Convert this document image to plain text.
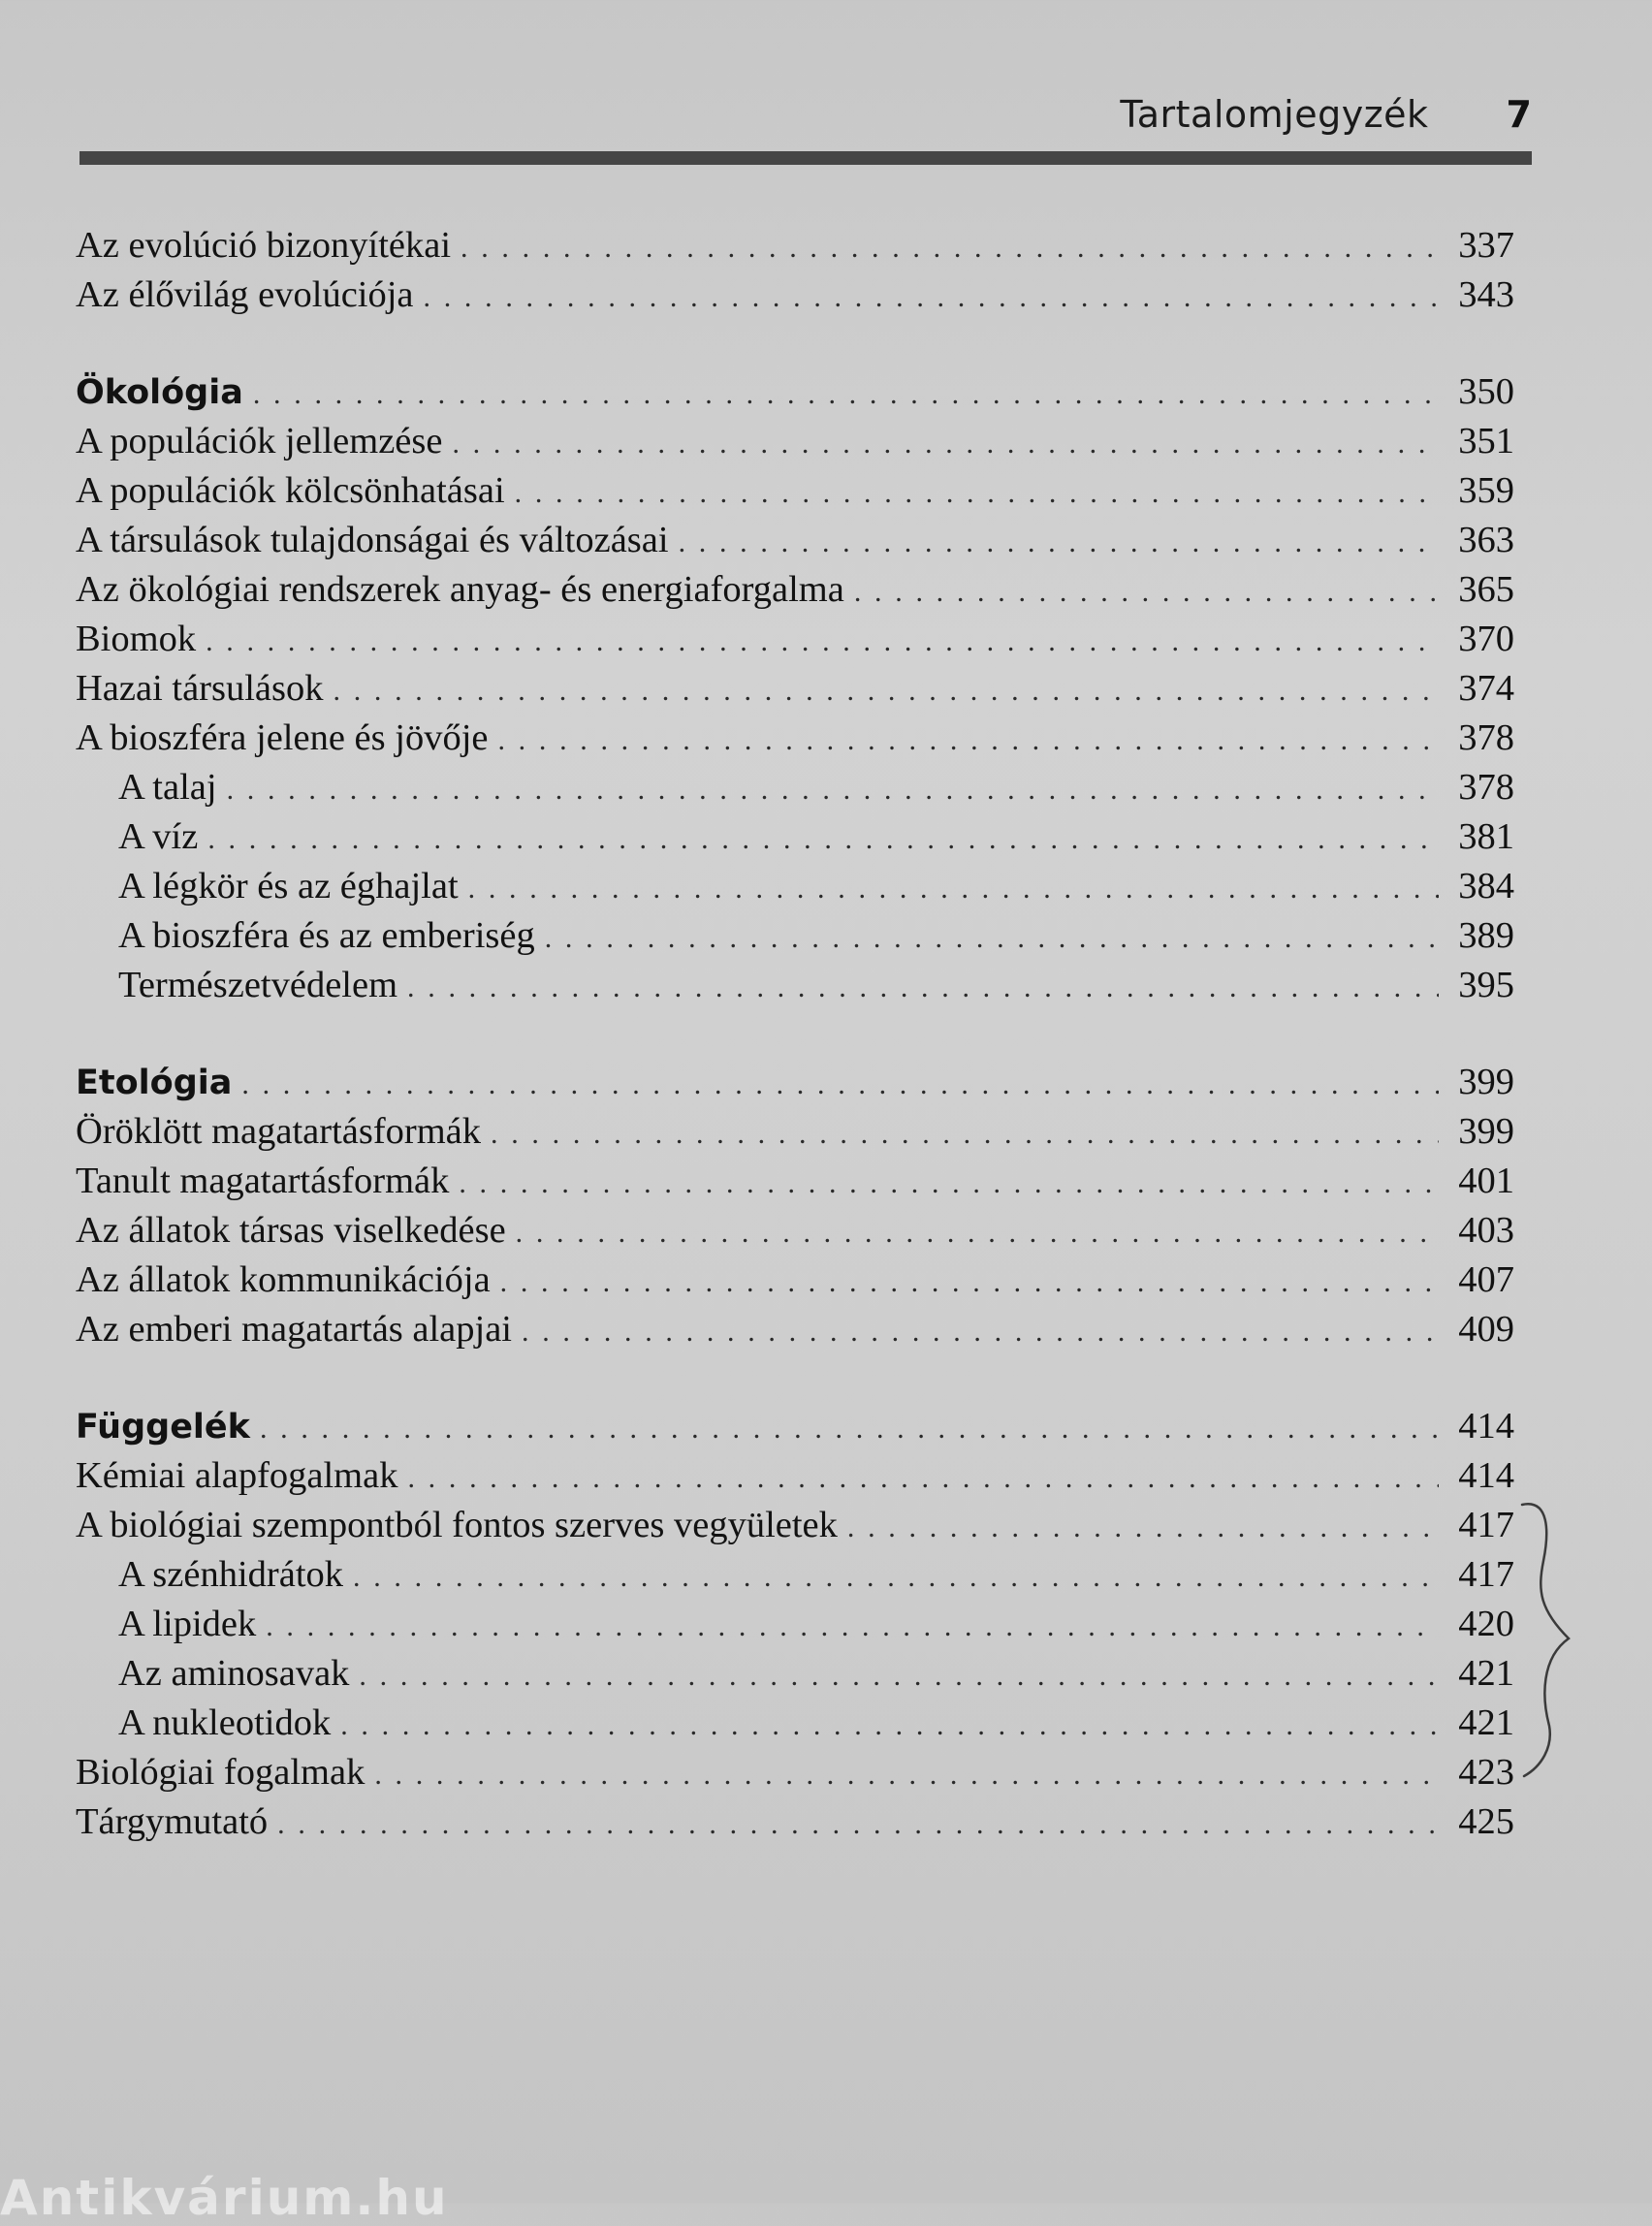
Tartalomjegyzék 7
Az evolúció bizonyítékai . . .	337
Az élővilág evolúciója . . .	343
Ökológia . . .	350
A populációk jellemzése . . .	351
A populációk kölcsönhatásai . . .	359
A társulások tulajdonságai és változásai . . .	363
Az ökológiai rendszerek anyag- és energiaforgalma . . .	365
Biomok . . .	370
Hazai társulások . . .	374
A bioszféra jelene és jövője . . .	378
A talaj . . .	378
A víz . . .	381
A légkör és az éghajlat . . .	384
A bioszféra és az emberiség . . .	389
Természetvédelem . . .	395
Etológia . . .	399
Öröklött magatartásformák . . .	399
Tanult magatartásformák . . .	401
Az állatok társas viselkedése . . .	403
Az állatok kommunikációja . . .	407
Az emberi magatartás alapjai . . .	409
Függelék . . .	414
Kémiai alapfogalmak . . .	414
A biológiai szempontból fontos szerves vegyületek . . .	417
A szénhidrátok . . .	417
A lipidek . . .	420
Az aminosavak . . .	421
A nukleotidok . . .	421
Biológiai fogalmak . . .	423
Tárgymutató . . .	425
Antikvárium.hu
